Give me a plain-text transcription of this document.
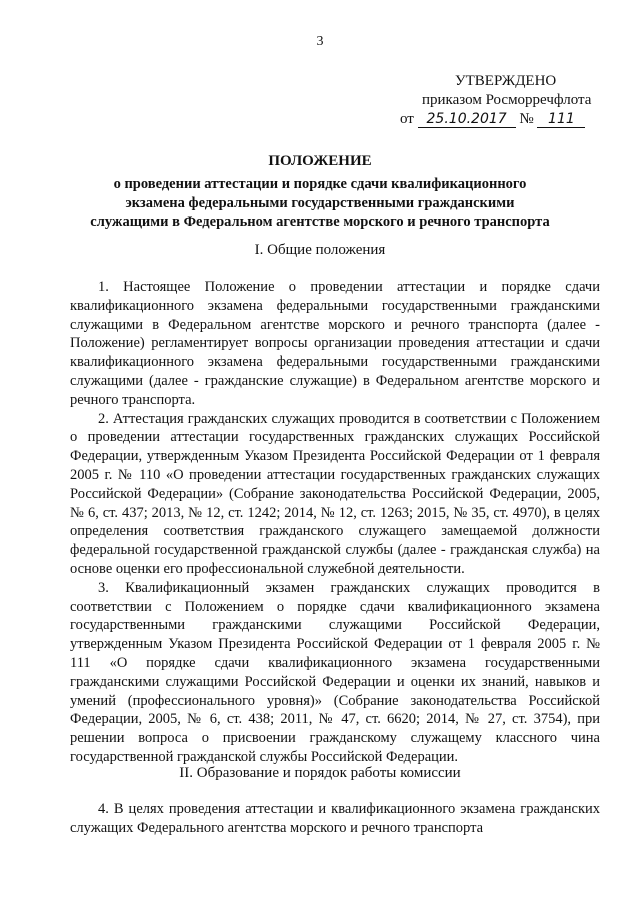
3
УТВЕРЖДЕНО
приказом Росморречфлота
от 25.10.2017 № 111
ПОЛОЖЕНИЕ
о проведении аттестации и порядке сдачи квалификационного
экзамена федеральными государственными гражданскими
служащими в Федеральном агентстве морского и речного транспорта
I. Общие положения

1. Настоящее Положение о проведении аттестации и порядке сдачи квалификационного экзамена федеральными государственными гражданскими служащими в Федеральном агентстве морского и речного транспорта (далее - Положение) регламентирует вопросы организации проведения аттестации и сдачи квалификационного экзамена федеральными государственными гражданскими служащими (далее - гражданские служащие) в Федеральном агентстве морского и речного транспорта.

2. Аттестация гражданских служащих проводится в соответствии с Положением о проведении аттестации государственных гражданских служащих Российской Федерации, утвержденным Указом Президента Российской Федерации от 1 февраля 2005 г. № 110 «О проведении аттестации государственных гражданских служащих Российской Федерации» (Собрание законодательства Российской Федерации, 2005, № 6, ст. 437; 2013, № 12, ст. 1242; 2014, № 12, ст. 1263; 2015, № 35, ст. 4970), в целях определения соответствия гражданского служащего замещаемой должности федеральной государственной гражданской службы (далее - гражданская служба) на основе оценки его профессиональной служебной деятельности.

3. Квалификационный экзамен гражданских служащих проводится в соответствии с Положением о порядке сдачи квалификационного экзамена государственными гражданскими служащими Российской Федерации, утвержденным Указом Президента Российской Федерации от 1 февраля 2005 г. № 111 «О порядке сдачи квалификационного экзамена государственными гражданскими служащими Российской Федерации и оценки их знаний, навыков и умений (профессионального уровня)» (Собрание законодательства Российской Федерации, 2005, № 6, ст. 438; 2011, № 47, ст. 6620; 2014, № 27, ст. 3754), при решении вопроса о присвоении гражданскому служащему классного чина государственной гражданской службы Российской Федерации.

II. Образование и порядок работы комиссии

4. В целях проведения аттестации и квалификационного экзамена гражданских служащих Федерального агентства морского и речного транспорта
